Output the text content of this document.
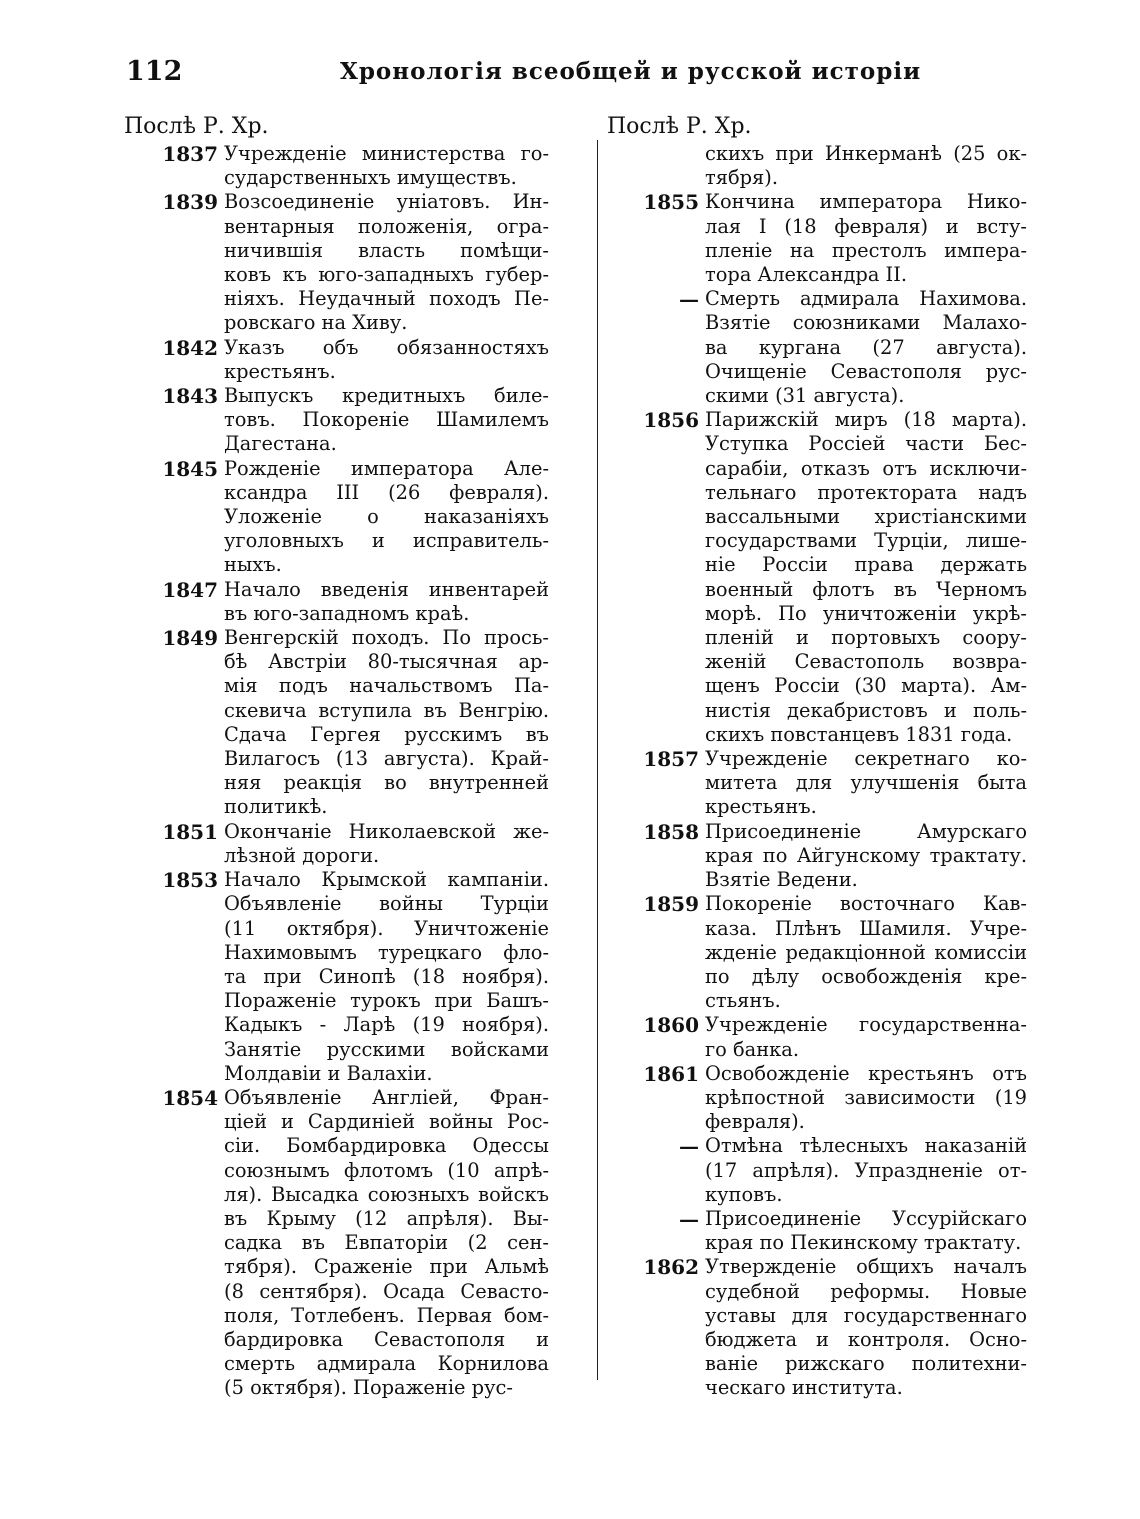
112	Хронологія всеобщей и русской исторіи
Послѣ Р. Хр.
1837 Учрежденіе министерства го-
сударственныхъ имуществъ.
1839 Возсоединеніе уніатовъ. Ин-
вентарныя положенія, огра-
ничившія власть помѣщи-
ковъ къ юго-западныхъ губер-
ніяхъ. Неудачный походъ Пе-
ровскаго на Хиву.
1842 Указъ объ обязанностяхъ
крестьянъ.
1843 Выпускъ кредитныхъ биле-
товъ. Покореніе Шамилемъ
Дагестана.
1845 Рожденіе императора Але-
ксандра III (26 февраля).
Уложеніе о наказаніяхъ
уголовныхъ и исправитель-
ныхъ.
1847 Начало введенія инвентарей
въ юго-западномъ краѣ.
1849 Венгерскій походъ. По прось-
бѣ Австріи 80-тысячная ар-
мія подъ начальствомъ Па-
скевича вступила въ Венгрію.
Сдача Гергея русскимъ въ
Вилагосъ (13 августа). Край-
няя реакція во внутренней
политикѣ.
1851 Окончаніе Николаевской же-
лѣзной дороги.
1853 Начало Крымской кампаніи.
Объявленіе войны Турціи
(11 октября). Уничтоженіе
Нахимовымъ турецкаго фло-
та при Синопѣ (18 ноября).
Пораженіе турокъ при Башъ-
Кадыкъ - Ларѣ (19 ноября).
Занятіе русскими войсками
Молдавіи и Валахіи.
1854 Объявленіе Англіей, Фран-
ціей и Сардиніей войны Рос-
сіи. Бомбардировка Одессы
союзнымъ флотомъ (10 апрѣ-
ля). Высадка союзныхъ войскъ
въ Крыму (12 апрѣля). Вы-
садка въ Евпаторіи (2 сен-
тября). Сраженіе при Альмѣ
(8 сентября). Осада Севасто-
поля, Тотлебенъ. Первая бом-
бардировка Севастополя и
смерть адмирала Корнилова
(5 октября). Пораженіе рус-
Послѣ Р. Хр.
скихъ при Инкерманѣ (25 ок-
тября).
1855 Кончина императора Нико-
лая I (18 февраля) и всту-
пленіе на престолъ импера-
тора Александра II.
— Смерть адмирала Нахимова.
Взятіе союзниками Малахо-
ва кургана (27 августа).
Очищеніе Севастополя рус-
скими (31 августа).
1856 Парижскій миръ (18 марта).
Уступка Россіей части Бес-
сарабіи, отказъ отъ исключи-
тельнаго протектората надъ
вассальными христіанскими
государствами Турціи, лише-
ніе Россіи права держать
военный флотъ въ Черномъ
морѣ. По уничтоженіи укрѣ-
пленій и портовыхъ соору-
женій Севастополь возвра-
щенъ Россіи (30 марта). Ам-
нистія декабристовъ и поль-
скихъ повстанцевъ 1831 года.
1857 Учрежденіе секретнаго ко-
митета для улучшенія быта
крестьянъ.
1858 Присоединеніе Амурскаго
края по Айгунскому трактату.
Взятіе Ведени.
1859 Покореніе восточнаго Кав-
каза. Плѣнъ Шамиля. Учре-
жденіе редакціонной комиссіи
по дѣлу освобожденія кре-
стьянъ.
1860 Учрежденіе государственна-
го банка.
1861 Освобожденіе крестьянъ отъ
крѣпостной зависимости (19
февраля).
— Отмѣна тѣлесныхъ наказаній
(17 апрѣля). Упраздненіе от-
куповъ.
— Присоединеніе Уссурійскаго
края по Пекинскому трактату.
1862 Утвержденіе общихъ началъ
судебной реформы. Новые
уставы для государственнаго
бюджета и контроля. Осно-
ваніе рижскаго политехни-
ческаго института.
